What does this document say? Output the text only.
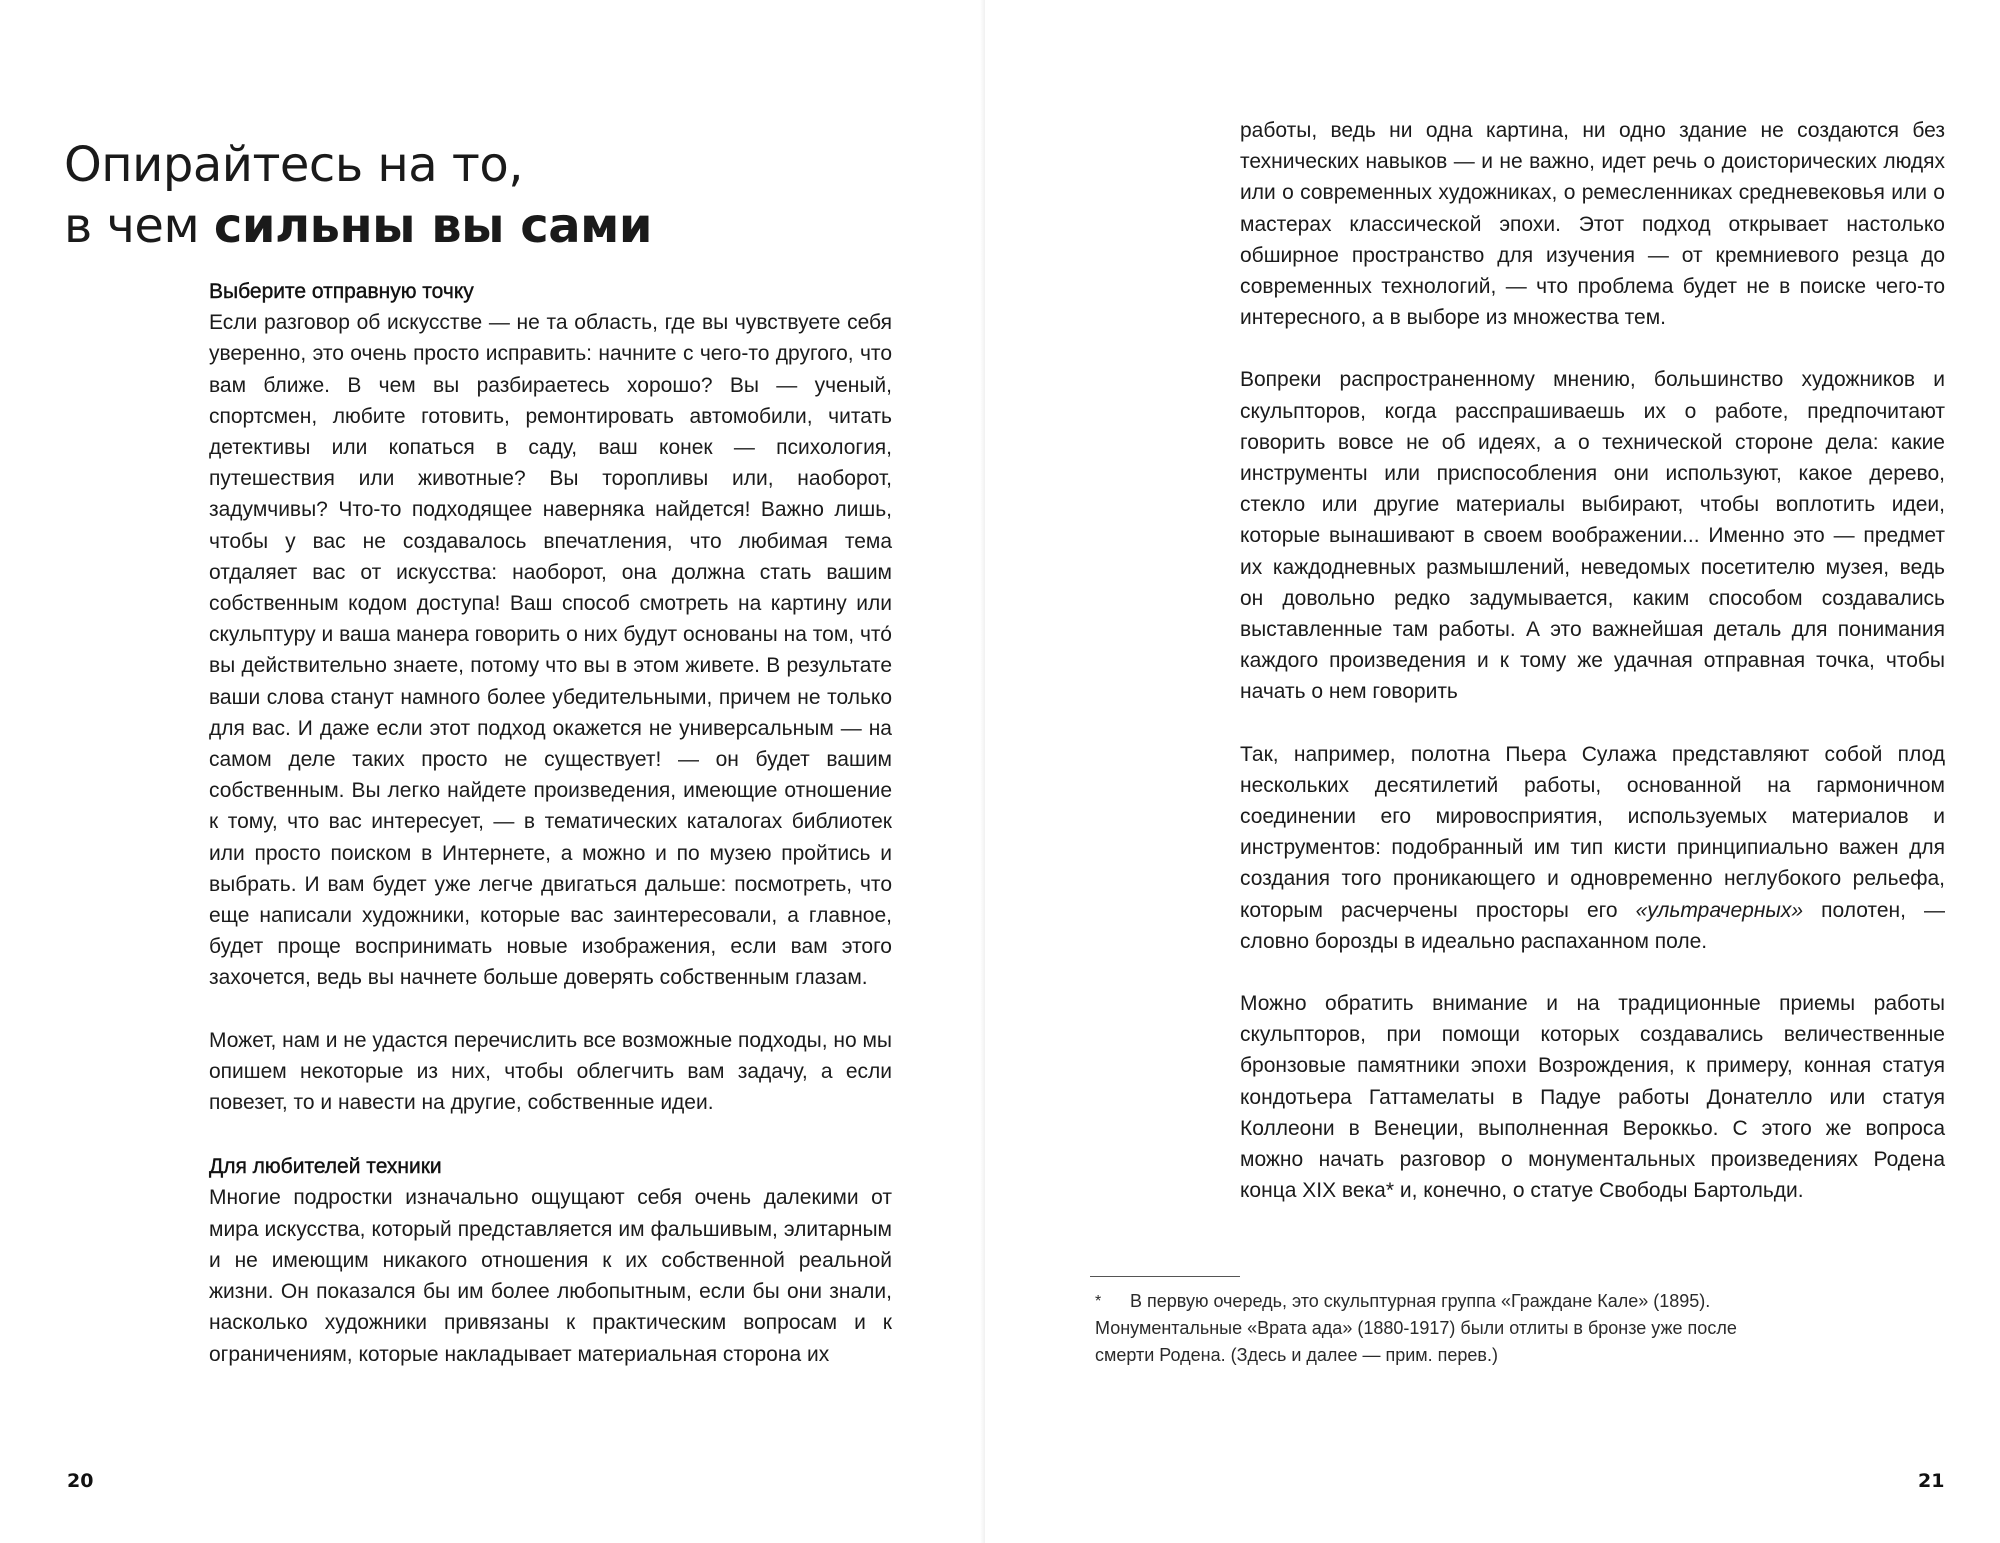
Опирайтесь на то,
в чем сильны вы сами
Выберите отправную точку

Если разговор об искусстве — не та область, где вы чувствуете себя уверенно, это очень просто исправить: начните с чего-то другого, что вам ближе. В чем вы разбираетесь хорошо? Вы — ученый, спортсмен, любите готовить, ремонтировать автомобили, читать детективы или копаться в саду, ваш конек — психология, путешествия или животные? Вы торопливы или, наоборот, задумчивы? Что-то подходящее наверняка найдется! Важно лишь, чтобы у вас не создавалось впечатления, что любимая тема отдаляет вас от искусства: наоборот, она должна стать вашим собственным кодом доступа! Ваш способ смотреть на картину или скульптуру и ваша манера говорить о них будут основаны на том, что́ вы действительно знаете, потому что вы в этом живете. В результате ваши слова станут намного более убедительными, причем не только для вас. И даже если этот подход окажется не универсальным — на самом деле таких просто не существует! — он будет вашим собственным. Вы легко найдете произведения, имеющие отношение к тому, что вас интересует, — в тематических каталогах библиотек или просто поиском в Интернете, а можно и по музею пройтись и выбрать. И вам будет уже легче двигаться дальше: посмотреть, что еще написали художники, которые вас заинтересовали, а главное, будет проще воспринимать новые изображения, если вам этого захочется, ведь вы начнете больше доверять собственным глазам.

Может, нам и не удастся перечислить все возможные подходы, но мы опишем некоторые из них, чтобы облегчить вам задачу, а если повезет, то и навести на другие, собственные идеи.

Для любителей техники

Многие подростки изначально ощущают себя очень далекими от мира искусства, который представляется им фальшивым, элитарным и не имеющим никакого отношения к их собственной реальной жизни. Он показался бы им более любопытным, если бы они знали, насколько художники привязаны к практическим вопросам и к ограничениям, которые накладывает материальная сторона их

20

работы, ведь ни одна картина, ни одно здание не создаются без технических навыков — и не важно, идет речь о доисторических людях или о современных художниках, о ремесленниках средневековья или о мастерах классической эпохи. Этот подход открывает настолько обширное пространство для изучения — от кремниевого резца до современных технологий, — что проблема будет не в поиске чего-то интересного, а в выборе из множества тем.

Вопреки распространенному мнению, большинство художников и скульпторов, когда расспрашиваешь их о работе, предпочитают говорить вовсе не об идеях, а о технической стороне дела: какие инструменты или приспособления они используют, какое дерево, стекло или другие материалы выбирают, чтобы воплотить идеи, которые вынашивают в своем воображении... Именно это — предмет их каждодневных размышлений, неведомых посетителю музея, ведь он довольно редко задумывается, каким способом создавались выставленные там работы. А это важнейшая деталь для понимания каждого произведения и к тому же удачная отправная точка, чтобы начать о нем говорить

Так, например, полотна Пьера Сулажа представляют собой плод нескольких десятилетий работы, основанной на гармоничном соединении его мировосприятия, используемых материалов и инструментов: подобранный им тип кисти принципиально важен для создания того проникающего и одновременно неглубокого рельефа, которым расчерчены просторы его «ультрачерных» полотен, — словно борозды в идеально распаханном поле.

Можно обратить внимание и на традиционные приемы работы скульпторов, при помощи которых создавались величественные бронзовые памятники эпохи Возрождения, к примеру, конная статуя кондотьера Гаттамелаты в Падуе работы Донателло или статуя Коллеони в Венеции, выполненная Вероккьо. С этого же вопроса можно начать разговор о монументальных произведениях Родена конца XIX века* и, конечно, о статуе Свободы Бартольди.

* В первую очередь, это скульптурная группа «Граждане Кале» (1895).
Монументальные «Врата ада» (1880-1917) были отлиты в бронзе уже после смерти Родена. (Здесь и далее — прим. перев.)
21
